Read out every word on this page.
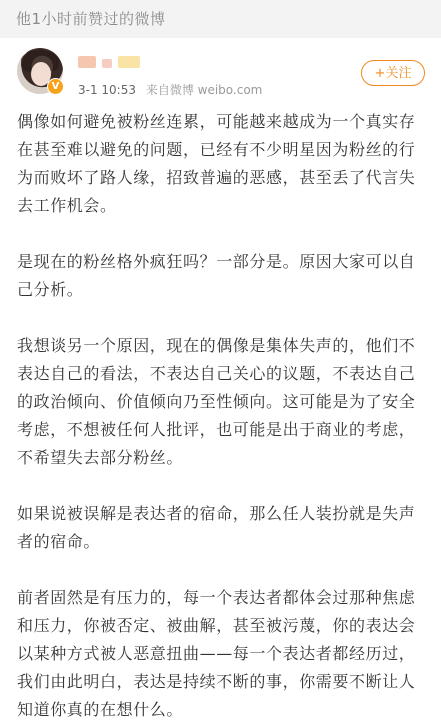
他1小时前赞过的微博
V	3-1 10:53 来自微博 weibo.com
+关注

偶像如何避免被粉丝连累，可能越来越成为一个真实存在甚至难以避免的问题，已经有不少明星因为粉丝的行为而败坏了路人缘，招致普遍的恶感，甚至丢了代言失去工作机会。

是现在的粉丝格外疯狂吗？一部分是。原因大家可以自己分析。

我想谈另一个原因，现在的偶像是集体失声的，他们不表达自己的看法，不表达自己关心的议题，不表达自己的政治倾向、价值倾向乃至性倾向。这可能是为了安全考虑，不想被任何人批评，也可能是出于商业的考虑，不希望失去部分粉丝。

如果说被误解是表达者的宿命，那么任人装扮就是失声者的宿命。

前者固然是有压力的，每一个表达者都体会过那种焦虑和压力，你被否定、被曲解，甚至被污蔑，你的表达会以某种方式被人恶意扭曲——每一个表达者都经历过，我们由此明白，表达是持续不断的事，你需要不断让人知道你真的在想什么。
